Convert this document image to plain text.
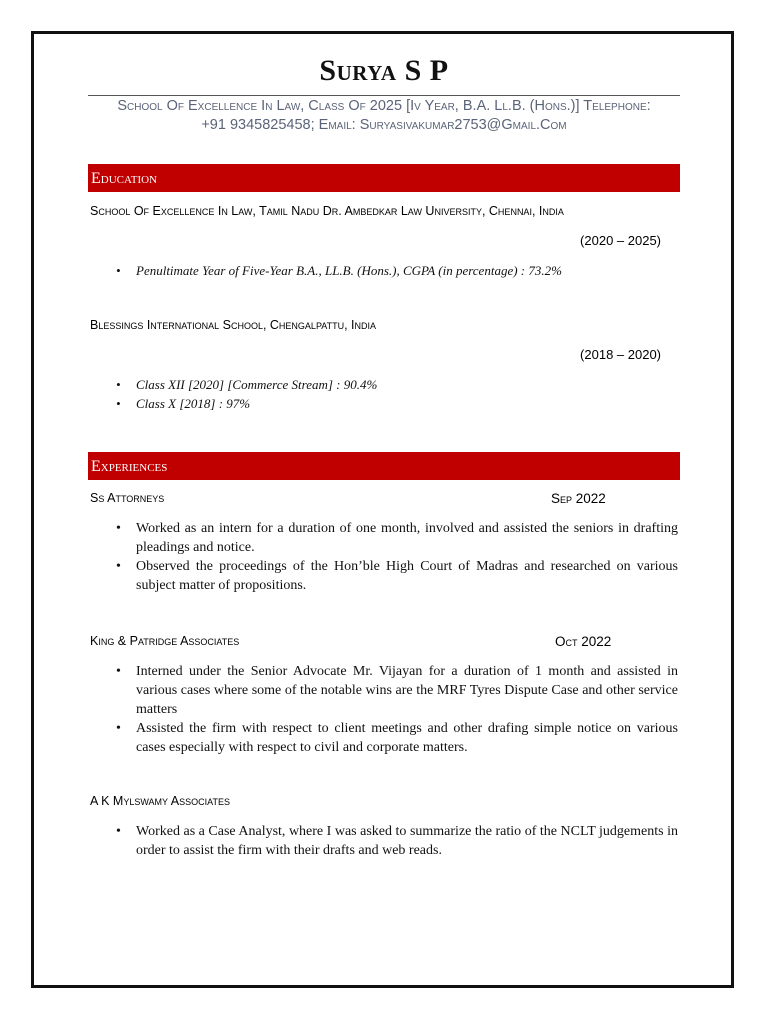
Surya S P
School Of Excellence In Law, Class Of 2025 [Iv Year, B.A. Ll.B. (Hons.)] Telephone:
+91 9345825458; Email: Suryasivakumar2753@Gmail.Com
Education
School Of Excellence In Law, Tamil Nadu Dr. Ambedkar Law University, Chennai, India
(2020 – 2025)
• Penultimate Year of Five-Year B.A., LL.B. (Hons.), CGPA (in percentage) : 73.2%
Blessings International School, Chengalpattu, India
(2018 – 2020)
• Class XII [2020] [Commerce Stream] : 90.4%
• Class X [2018] : 97%
Experiences
Ss Attorneys	Sep 2022
• Worked as an intern for a duration of one month, involved and assisted the seniors in drafting pleadings and notice.
• Observed the proceedings of the Hon’ble High Court of Madras and researched on various subject matter of propositions.
King & Patridge Associates	Oct 2022
• Interned under the Senior Advocate Mr. Vijayan for a duration of 1 month and assisted in various cases where some of the notable wins are the MRF Tyres Dispute Case and other service matters
• Assisted the firm with respect to client meetings and other drafing simple notice on various cases especially with respect to civil and corporate matters.
A K Mylswamy Associates
• Worked as a Case Analyst, where I was asked to summarize the ratio of the NCLT judgements in order to assist the firm with their drafts and web reads.
